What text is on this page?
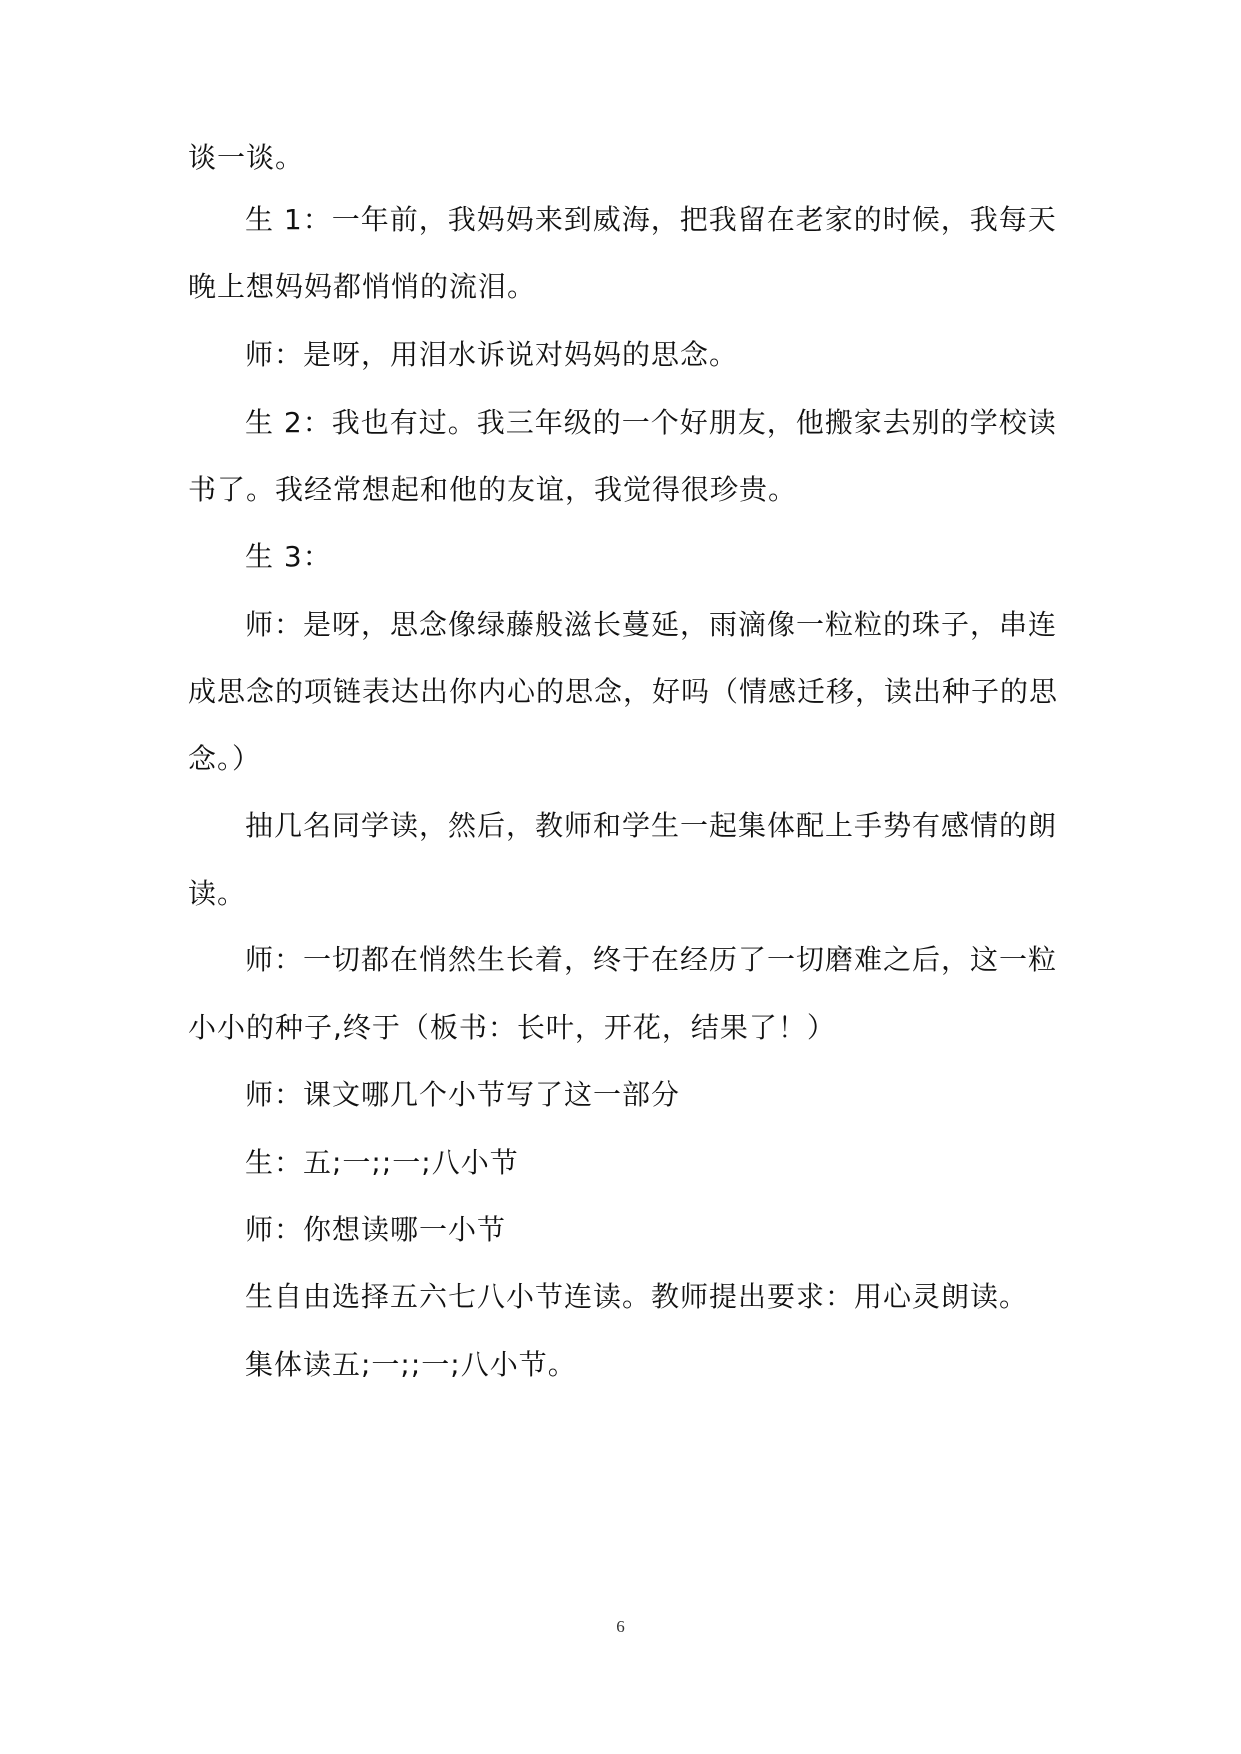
谈一谈。
生 1：一年前，我妈妈来到威海，把我留在老家的时候，我每天
晚上想妈妈都悄悄的流泪。
师：是呀，用泪水诉说对妈妈的思念。
生 2：我也有过。我三年级的一个好朋友，他搬家去别的学校读
书了。我经常想起和他的友谊，我觉得很珍贵。
生 3：
师：是呀，思念像绿藤般滋长蔓延，雨滴像一粒粒的珠子，串连
成思念的项链表达出你内心的思念，好吗（情感迁移，读出种子的思
念。）
抽几名同学读，然后，教师和学生一起集体配上手势有感情的朗
读。
师：一切都在悄然生长着，终于在经历了一切磨难之后，这一粒
小小的种子,终于（板书：长叶，开花，结果了！）
师：课文哪几个小节写了这一部分
生：五;一;;一;八小节
师：你想读哪一小节
生自由选择五六七八小节连读。教师提出要求：用心灵朗读。
集体读五;一;;一;八小节。
6
